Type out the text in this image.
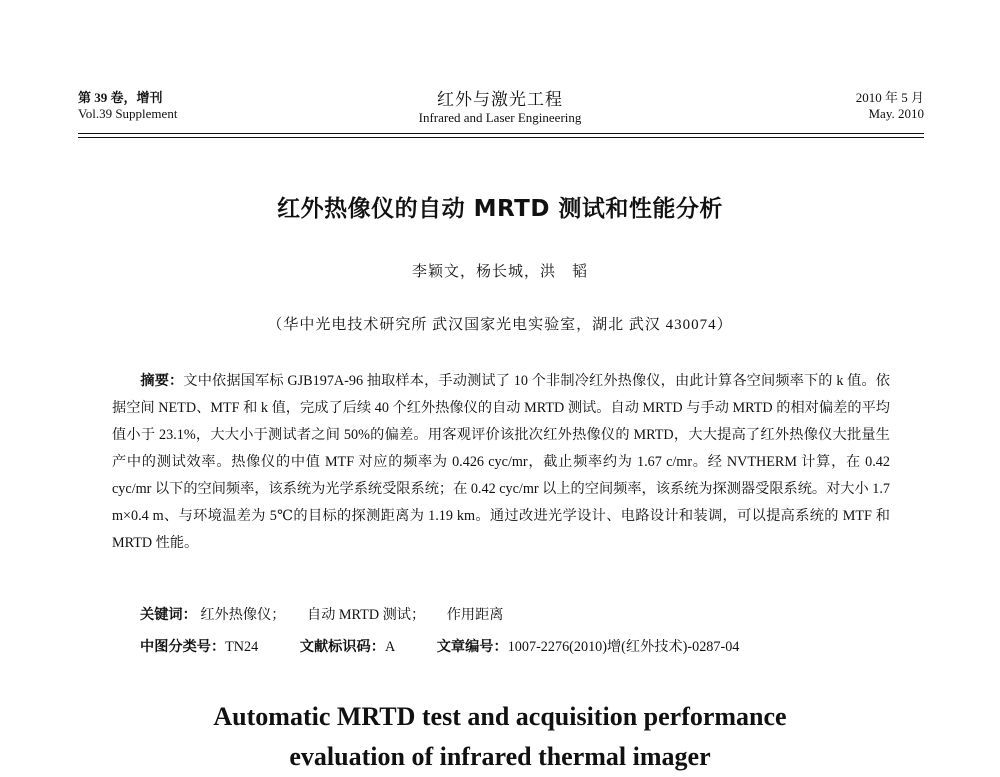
第 39 卷，增刊
Vol.39 Supplement
红外与激光工程
Infrared and Laser Engineering
2010 年 5 月
May. 2010
红外热像仪的自动 MRTD 测试和性能分析
李颖文，杨长城，洪　韬
（华中光电技术研究所 武汉国家光电实验室，湖北 武汉 430074）
摘要：文中依据国军标 GJB197A-96 抽取样本，手动测试了 10 个非制冷红外热像仪，由此计算各空间频率下的 k 值。依据空间 NETD、MTF 和 k 值，完成了后续 40 个红外热像仪的自动 MRTD 测试。自动 MRTD 与手动 MRTD 的相对偏差的平均值小于 23.1%，大大小于测试者之间 50%的偏差。用客观评价该批次红外热像仪的 MRTD，大大提高了红外热像仪大批量生产中的测试效率。热像仪的中值 MTF 对应的频率为 0.426 cyc/mr，截止频率约为 1.67 c/mr。经 NVTHERM 计算，在 0.42 cyc/mr 以下的空间频率，该系统为光学系统受限系统；在 0.42 cyc/mr 以上的空间频率，该系统为探测器受限系统。对大小 1.7 m×0.4 m、与环境温差为 5℃的目标的探测距离为 1.19 km。通过改进光学设计、电路设计和装调，可以提高系统的 MTF 和 MRTD 性能。
关键词： 红外热像仪； 自动 MRTD 测试； 作用距离
中图分类号：TN24	文献标识码：A	文章编号：1007-2276(2010)增(红外技术)-0287-04
Automatic MRTD test and acquisition performance
evaluation of infrared thermal imager
